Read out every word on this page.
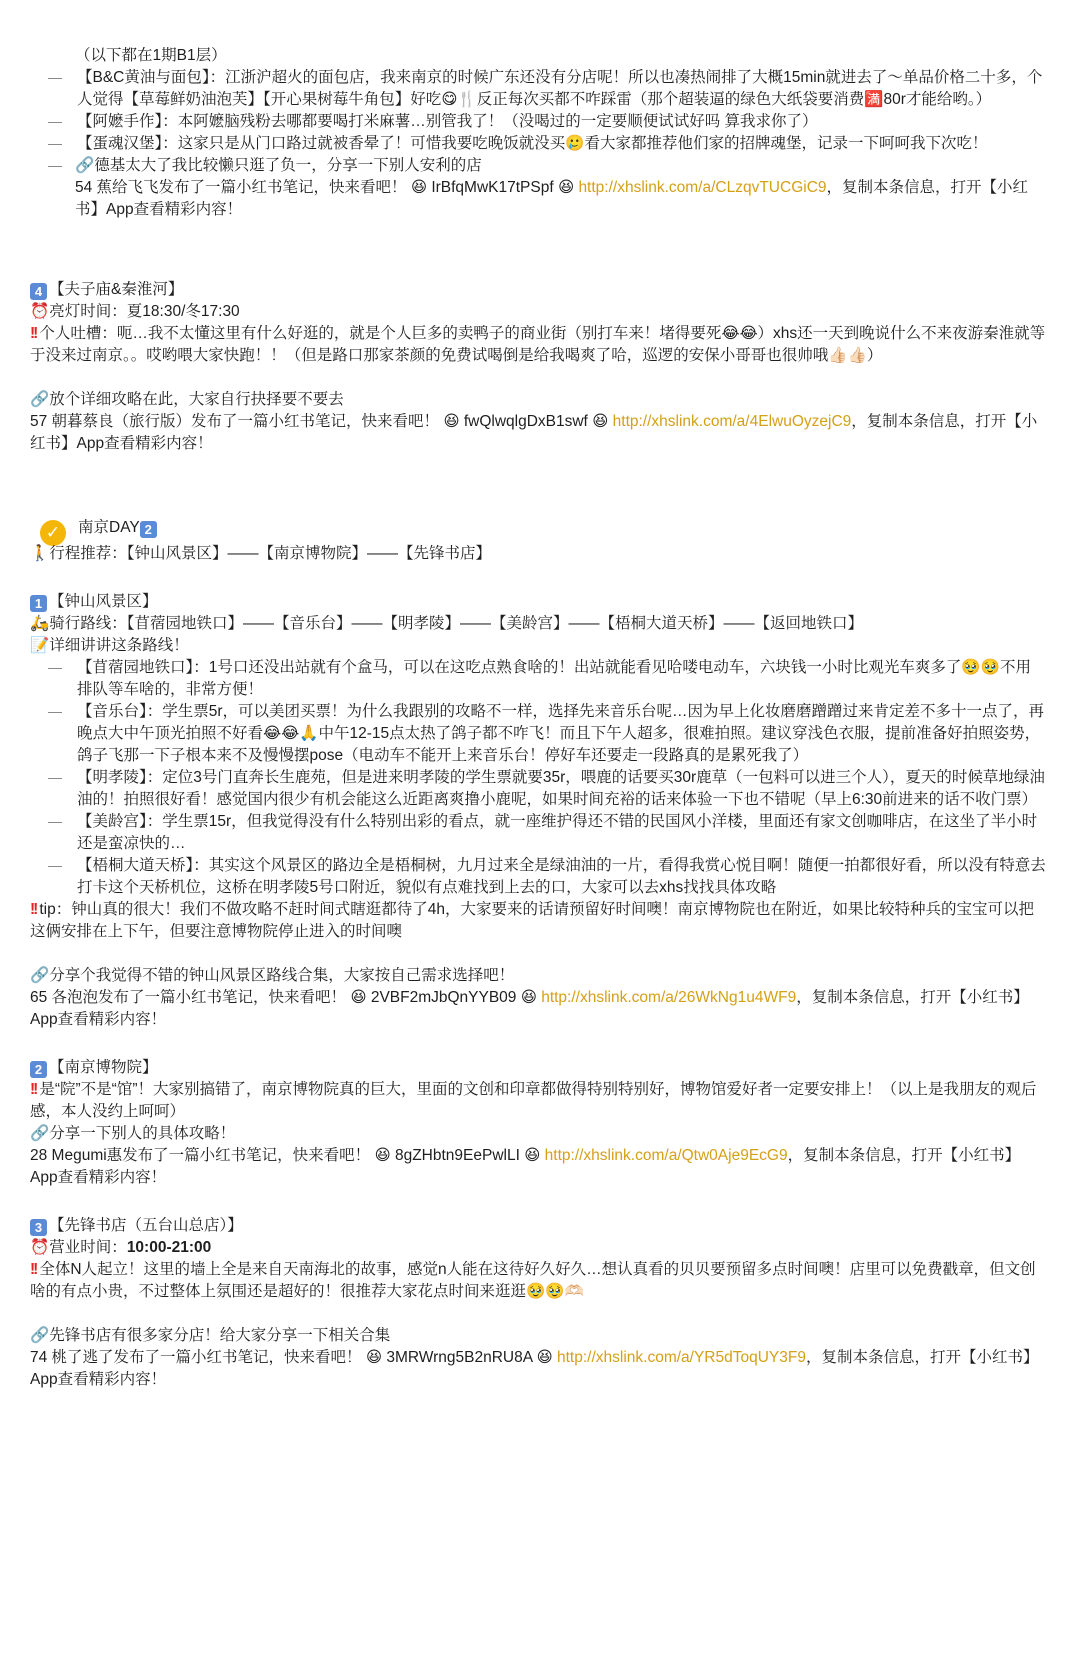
（以下都在1期B1层）
【B&C黄油与面包】：江浙沪超火的面包店，我来南京的时候广东还没有分店呢！所以也凑热闹排了大概15min就进去了～单品价格二十多，个人觉得【草莓鲜奶油泡芙】【开心果树莓牛角包】好吃😋🍴反正每次买都不咋踩雷（那个超装逼的绿色大纸袋要消费🈵80r才能给哟。）
【阿嬷手作】：本阿嬷脑残粉去哪都要喝打米麻薯…别管我了！（没喝过的一定要顺便试试好吗 算我求你了）
【蛋魂汉堡】：这家只是从门口路过就被香晕了！可惜我要吃晚饭就没买🥲看大家都推荐他们家的招牌魂堡，记录一下呵呵我下次吃！
🔗德基太大了我比较懒只逛了负一，分享一下别人安利的店
54 蕉给飞飞发布了一篇小红书笔记，快来看吧！ 😆 IrBfqMwK17tPSpf 😆 http://xhslink.com/a/CLzqvTUCGiC9，复制本条信息，打开【小红书】App查看精彩内容！
4 【夫子庙&秦淮河】
⏰亮灯时间：夏18:30/冬17:30
!! 个人吐槽：呃…我不太懂这里有什么好逛的，就是个人巨多的卖鸭子的商业街（别打车来！堵得要死😂😂）xhs还一天到晚说什么不来夜游秦淮就等于没来过南京。。哎哟喂大家快跑！！（但是路口那家茶颜的免费试喝倒是给我喝爽了哈，巡逻的安保小哥哥也很帅哦👍🏻👍🏻）
🔗放个详细攻略在此，大家自行抉择要不要去
57 朝暮蔡良（旅行版）发布了一篇小红书笔记，快来看吧！ 😆 fwQlwqlgDxB1swf 😆 http://xhslink.com/a/4ElwuOyzejC9，复制本条信息，打开【小红书】App查看精彩内容！
✓ 南京DAY 2
🚶行程推荐：【钟山风景区】——【南京博物院】——【先锋书店】
1 【钟山风景区】
🛵骑行路线：【苜蓿园地铁口】——【音乐台】——【明孝陵】——【美龄宫】——【梧桐大道天桥】——【返回地铁口】
📝详细讲讲这条路线！
【苜蓿园地铁口】：1号口还没出站就有个盒马，可以在这吃点熟食啥的！出站就能看见哈喽电动车，六块钱一小时比观光车爽多了🥹🥹不用排队等车啥的，非常方便！
【音乐台】：学生票5r，可以美团买票！为什么我跟别的攻略不一样，选择先来音乐台呢…因为早上化妆磨磨蹭蹭过来肯定差不多十一点了，再晚点大中午顶光拍照不好看😂😂🙏中午12-15点太热了鸽子都不咋飞！而且下午人超多，很难拍照。建议穿浅色衣服，提前准备好拍照姿势，鸽子飞那一下子根本来不及慢慢摆pose（电动车不能开上来音乐台！停好车还要走一段路真的是累死我了）
【明孝陵】：定位3号门直奔长生鹿苑，但是进来明孝陵的学生票就要35r，喂鹿的话要买30r鹿草（一包料可以进三个人），夏天的时候草地绿油油的！拍照很好看！感觉国内很少有机会能这么近距离爽撸小鹿呢，如果时间充裕的话来体验一下也不错呢（早上6:30前进来的话不收门票）
【美龄宫】：学生票15r，但我觉得没有什么特别出彩的看点，就一座维护得还不错的民国风小洋楼，里面还有家文创咖啡店，在这坐了半小时还是蛮凉快的…
【梧桐大道天桥】：其实这个风景区的路边全是梧桐树，九月过来全是绿油油的一片，看得我赏心悦目啊！随便一拍都很好看，所以没有特意去打卡这个天桥机位，这桥在明孝陵5号口附近，貌似有点难找到上去的口，大家可以去xhs找找具体攻略
!! tip：钟山真的很大！我们不做攻略不赶时间式瞎逛都待了4h，大家要来的话请预留好时间噢！南京博物院也在附近，如果比较特种兵的宝宝可以把这俩安排在上下午，但要注意博物院停止进入的时间噢
🔗分享个我觉得不错的钟山风景区路线合集，大家按自己需求选择吧！
65 各泡泡发布了一篇小红书笔记，快来看吧！ 😆 2VBF2mJbQnYYB09 😆 http://xhslink.com/a/26WkNg1u4WF9，复制本条信息，打开【小红书】App查看精彩内容！
2 【南京博物院】
!! 是“院”不是“馆”！大家别搞错了，南京博物院真的巨大，里面的文创和印章都做得特别特别好，博物馆爱好者一定要安排上！（以上是我朋友的观后感，本人没约上呵呵）
🔗分享一下别人的具体攻略！
28 Megumi惠发布了一篇小红书笔记，快来看吧！ 😆 8gZHbtn9EePwlLI 😆 http://xhslink.com/a/Qtw0Aje9EcG9，复制本条信息，打开【小红书】App查看精彩内容！
3 【先锋书店（五台山总店）】
⏰营业时间：10:00-21:00
!! 全体N人起立！这里的墙上全是来自天南海北的故事，感觉n人能在这待好久好久…想认真看的贝贝要预留多点时间噢！店里可以免费戳章，但文创啥的有点小贵，不过整体上氛围还是超好的！很推荐大家花点时间来逛逛🥹🥹🫶🏻
🔗先锋书店有很多家分店！给大家分享一下相关合集
74 桃了逃了发布了一篇小红书笔记，快来看吧！ 😆 3MRWrng5B2nRU8A 😆 http://xhslink.com/a/YR5dToqUY3F9，复制本条信息，打开【小红书】App查看精彩内容！
